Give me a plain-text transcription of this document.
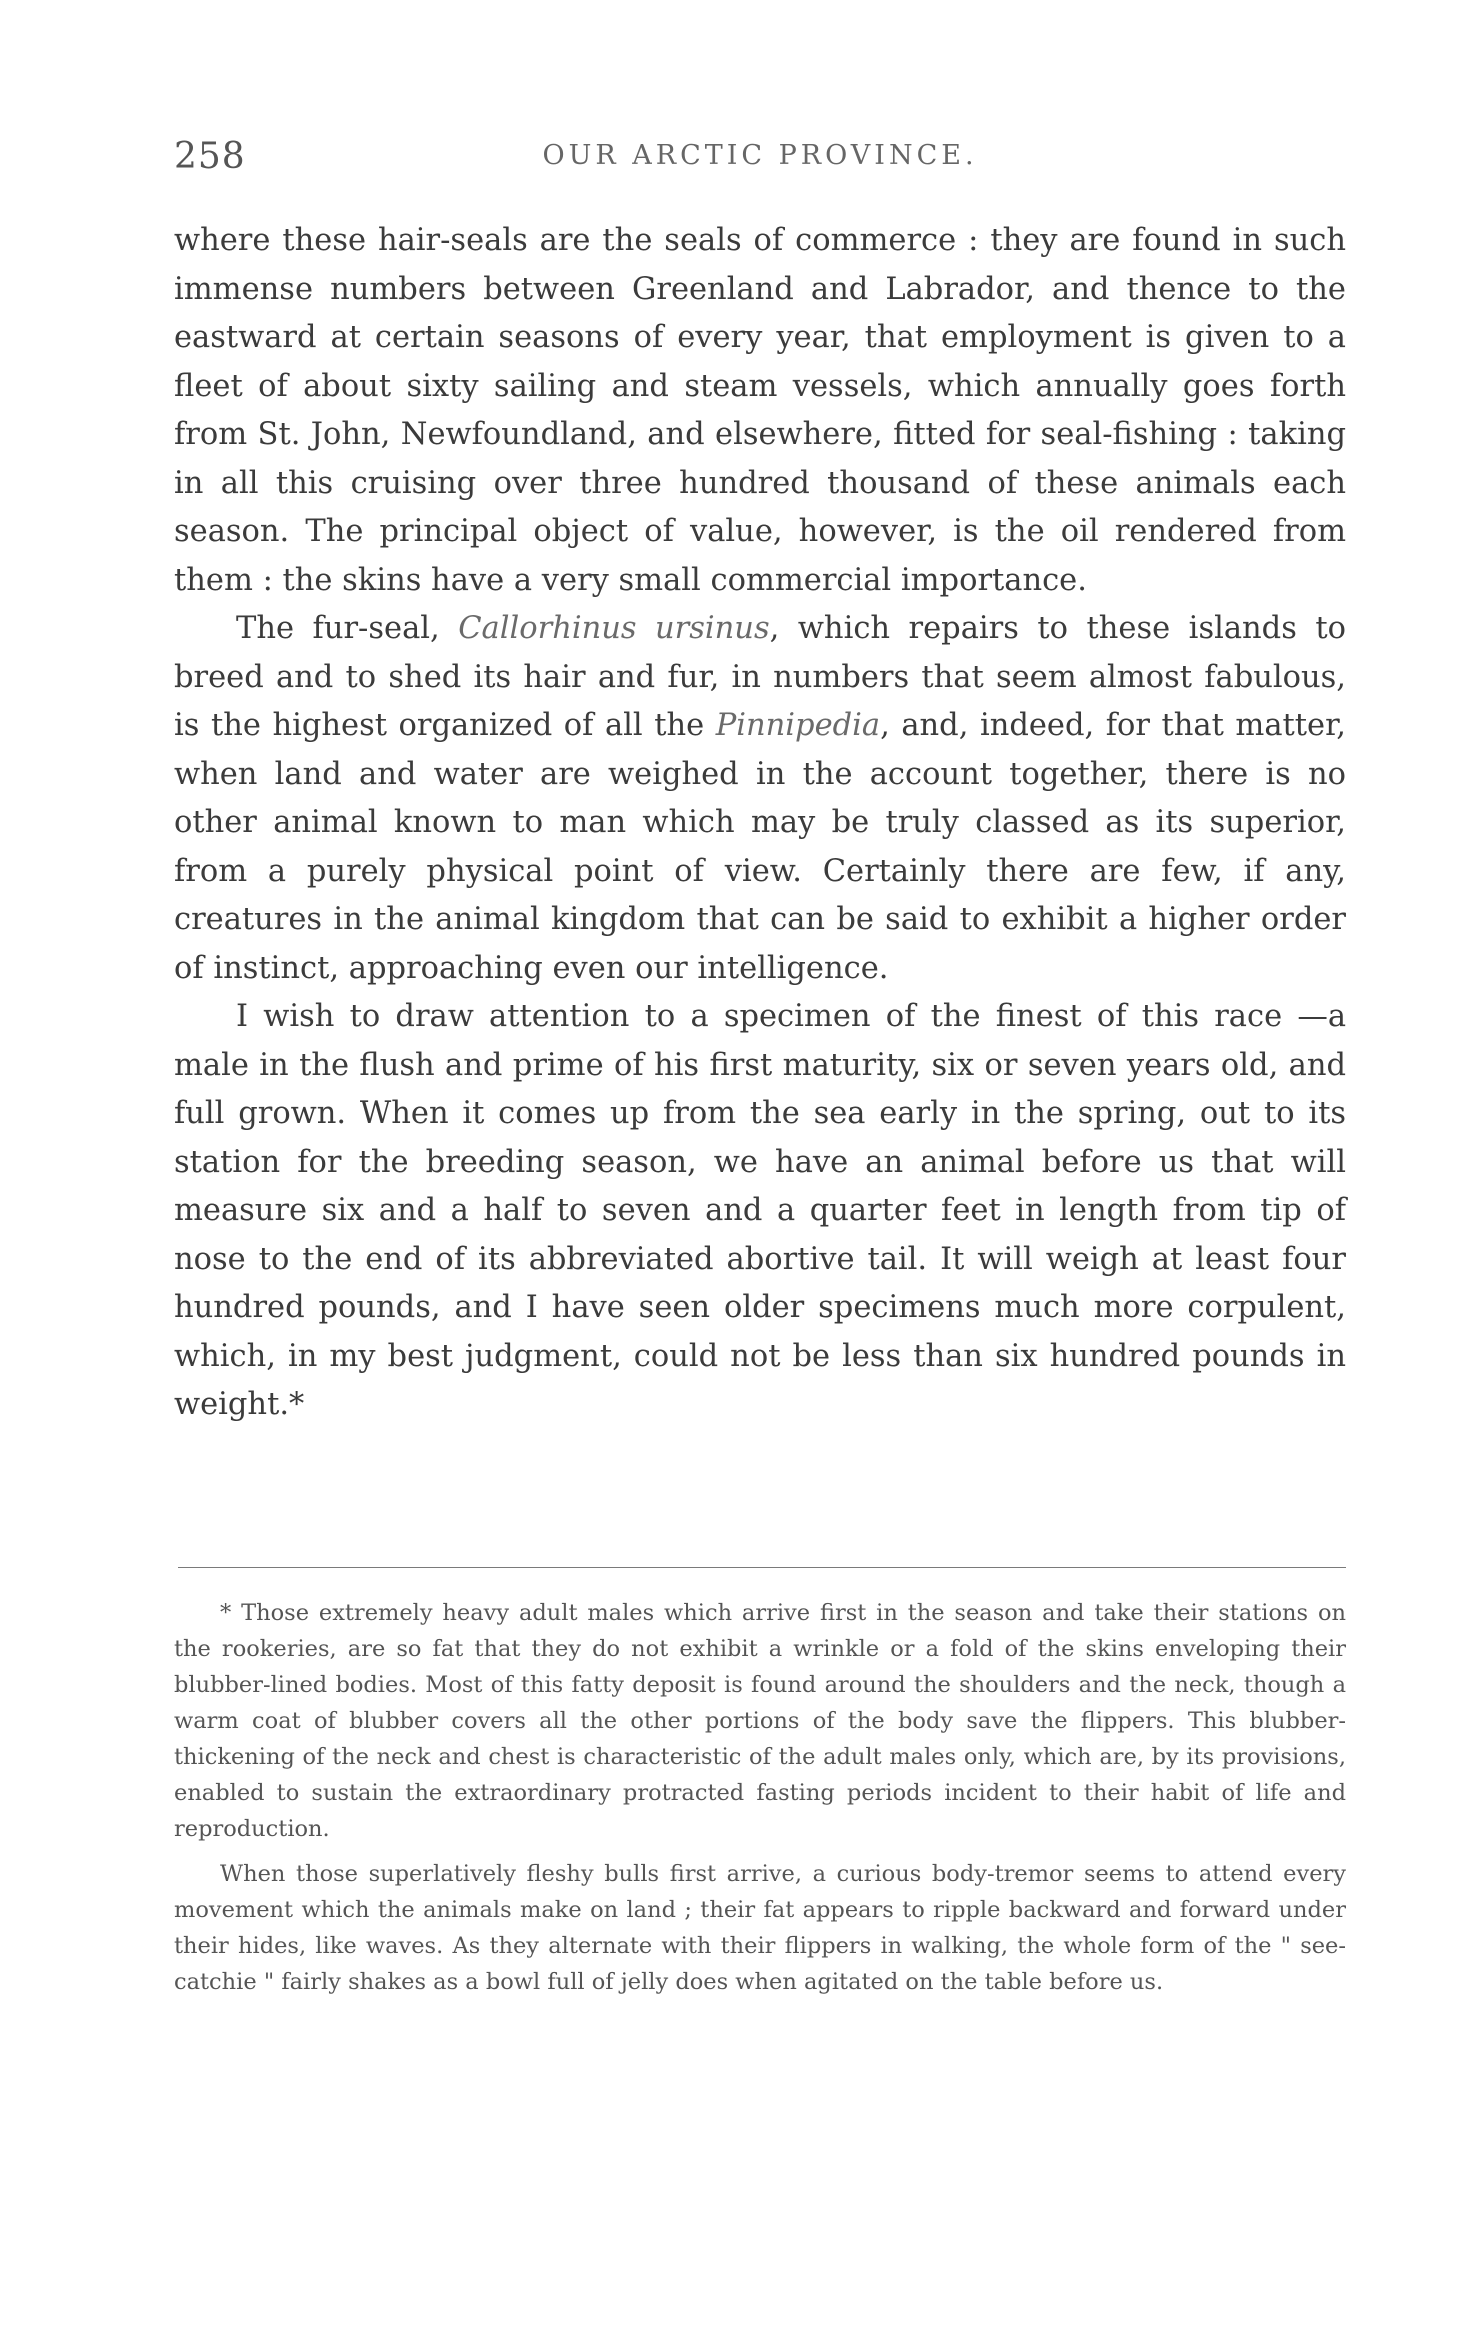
258	OUR ARCTIC PROVINCE.

where these hair-seals are the seals of commerce : they are found in such immense numbers between Greenland and Labrador, and thence to the eastward at certain seasons of every year, that employment is given to a fleet of about sixty sailing and steam vessels, which annually goes forth from St. John, Newfoundland, and elsewhere, fitted for seal-fishing : taking in all this cruising over three hundred thousand of these animals each season. The principal object of value, however, is the oil rendered from them : the skins have a very small commercial importance.

The fur-seal, Callorhinus ursinus, which repairs to these islands to breed and to shed its hair and fur, in numbers that seem almost fabulous, is the highest organized of all the Pinnipedia, and, indeed, for that matter, when land and water are weighed in the account together, there is no other animal known to man which may be truly classed as its superior, from a purely physical point of view. Certainly there are few, if any, creatures in the animal kingdom that can be said to exhibit a higher order of instinct, approaching even our intelligence.

I wish to draw attention to a specimen of the finest of this race —a male in the flush and prime of his first maturity, six or seven years old, and full grown. When it comes up from the sea early in the spring, out to its station for the breeding season, we have an animal before us that will measure six and a half to seven and a quarter feet in length from tip of nose to the end of its abbreviated abortive tail. It will weigh at least four hundred pounds, and I have seen older specimens much more corpulent, which, in my best judgment, could not be less than six hundred pounds in weight.*

* Those extremely heavy adult males which arrive first in the season and take their stations on the rookeries, are so fat that they do not exhibit a wrinkle or a fold of the skins enveloping their blubber-lined bodies. Most of this fatty deposit is found around the shoulders and the neck, though a warm coat of blubber covers all the other portions of the body save the flippers. This blubber-thickening of the neck and chest is characteristic of the adult males only, which are, by its provisions, enabled to sustain the extraordinary protracted fasting periods incident to their habit of life and reproduction.

When those superlatively fleshy bulls first arrive, a curious body-tremor seems to attend every movement which the animals make on land ; their fat appears to ripple backward and forward under their hides, like waves. As they alternate with their flippers in walking, the whole form of the " seecatchie " fairly shakes as a bowl full of jelly does when agitated on the table before us.
